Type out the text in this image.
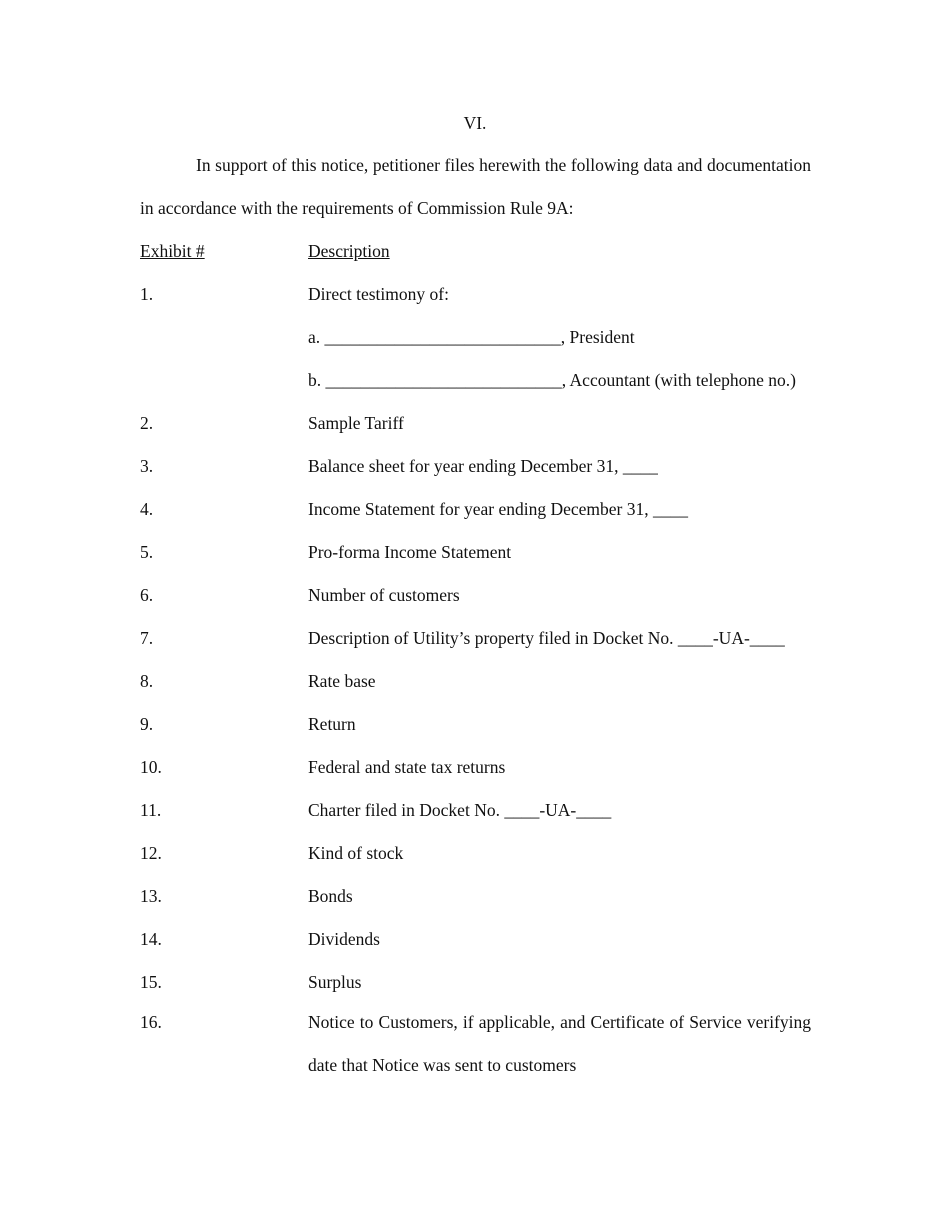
VI.
In support of this notice, petitioner files herewith the following data and documentation in accordance with the requirements of Commission Rule 9A:
Exhibit #	Description
1.	Direct testimony of:
a. ___________________________, President
b. ___________________________, Accountant (with telephone no.)
2.	Sample Tariff
3.	Balance sheet for year ending December 31, ____
4.	Income Statement for year ending December 31, ____
5.	Pro-forma Income Statement
6.	Number of customers
7.	Description of Utility’s property filed in Docket No. ____-UA-____
8.	Rate base
9.	Return
10.	Federal and state tax returns
11.	Charter filed in Docket No. ____-UA-____
12.	Kind of stock
13.	Bonds
14.	Dividends
15.	Surplus
16.	Notice to Customers, if applicable, and Certificate of Service verifying date that Notice was sent to customers
